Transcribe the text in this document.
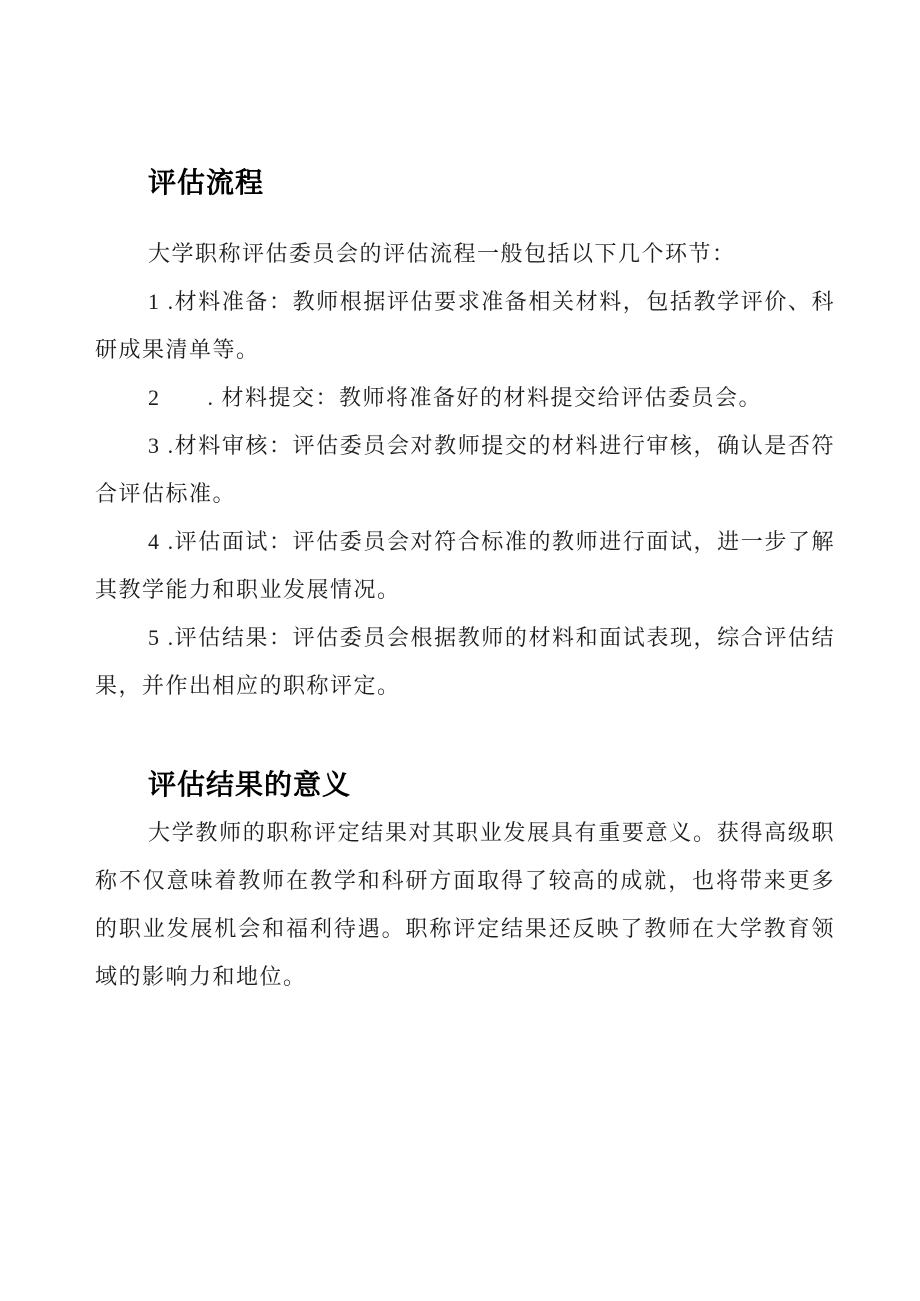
评估流程

大学职称评估委员会的评估流程一般包括以下几个环节：

1 .材料准备：教师根据评估要求准备相关材料，包括教学评价、科研成果清单等。

2　　. 材料提交：教师将准备好的材料提交给评估委员会。

3 .材料审核：评估委员会对教师提交的材料进行审核，确认是否符合评估标准。

4 .评估面试：评估委员会对符合标准的教师进行面试，进一步了解其教学能力和职业发展情况。

5 .评估结果：评估委员会根据教师的材料和面试表现，综合评估结果，并作出相应的职称评定。

评估结果的意义

大学教师的职称评定结果对其职业发展具有重要意义。获得高级职称不仅意味着教师在教学和科研方面取得了较高的成就，也将带来更多的职业发展机会和福利待遇。职称评定结果还反映了教师在大学教育领域的影响力和地位。
